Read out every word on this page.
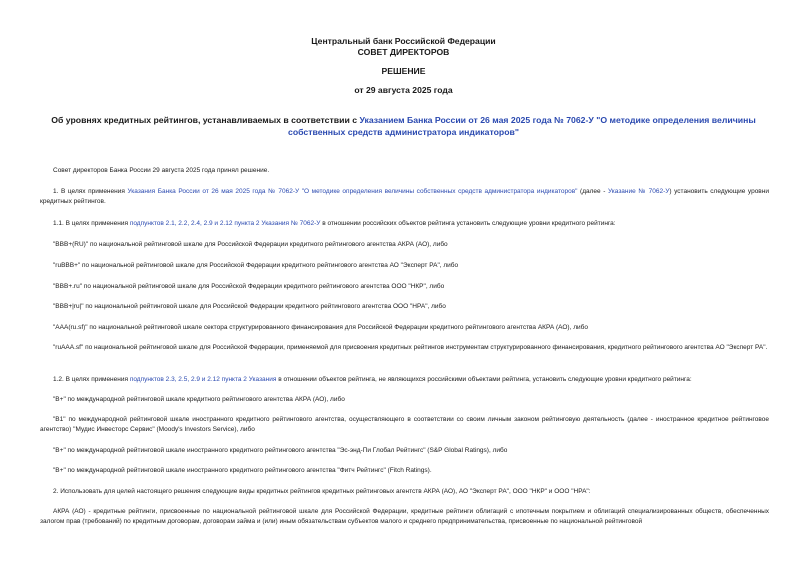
Центральный банк Российской Федерации
СОВЕТ ДИРЕКТОРОВ
РЕШЕНИЕ
от 29 августа 2025 года
Об уровнях кредитных рейтингов, устанавливаемых в соответствии с Указанием Банка России от 26 мая 2025 года № 7062-У "О методике определения величины собственных средств администратора индикаторов"
Совет директоров Банка России 29 августа 2025 года принял решение.
1. В целях применения Указания Банка России от 26 мая 2025 года № 7062-У "О методике определения величины собственных средств администратора индикаторов" (далее - Указание № 7062-У) установить следующие уровни кредитных рейтингов.
1.1. В целях применения подпунктов 2.1, 2.2, 2.4, 2.9 и 2.12 пункта 2 Указания № 7062-У в отношении российских объектов рейтинга установить следующие уровни кредитного рейтинга:
"BBB+(RU)" по национальной рейтинговой шкале для Российской Федерации кредитного рейтингового агентства АКРА (АО), либо
"ruBBB+" по национальной рейтинговой шкале для Российской Федерации кредитного рейтингового агентства АО "Эксперт РА", либо
"BBB+.ru" по национальной рейтинговой шкале для Российской Федерации кредитного рейтингового агентства ООО "НКР", либо
"BBB+|ru|" по национальной рейтинговой шкале для Российской Федерации кредитного рейтингового агентства ООО "НРА", либо
"AAA(ru.sf)" по национальной рейтинговой шкале сектора структурированного финансирования для Российской Федерации кредитного рейтингового агентства АКРА (АО), либо
"ruAAA.sf" по национальной рейтинговой шкале для Российской Федерации, применяемой для присвоения кредитных рейтингов инструментам структурированного финансирования, кредитного рейтингового агентства АО "Эксперт РА".
1.2. В целях применения подпунктов 2.3, 2.5, 2.9 и 2.12 пункта 2 Указания в отношении объектов рейтинга, не являющихся российскими объектами рейтинга, установить следующие уровни кредитного рейтинга:
"B+" по международной рейтинговой шкале кредитного рейтингового агентства АКРА (АО), либо
"B1" по международной рейтинговой шкале иностранного кредитного рейтингового агентства, осуществляющего в соответствии со своим личным законом рейтинговую деятельность (далее - иностранное кредитное рейтинговое агентство) "Мудис Инвесторс Сервис" (Moody's Investors Service), либо
"B+" по международной рейтинговой шкале иностранного кредитного рейтингового агентства "Эс-энд-Пи Глобал Рейтингс" (S&P Global Ratings), либо
"B+" по международной рейтинговой шкале иностранного кредитного рейтингового агентства "Фитч Рейтингс" (Fitch Ratings).
2. Использовать для целей настоящего решения следующие виды кредитных рейтингов кредитных рейтинговых агентств АКРА (АО), АО "Эксперт РА", ООО "НКР" и ООО "НРА":
АКРА (АО) - кредитные рейтинги, присвоенные по национальной рейтинговой шкале для Российской Федерации, кредитные рейтинги облигаций с ипотечным покрытием и облигаций специализированных обществ, обеспеченных залогом прав (требований) по кредитным договорам, договорам займа и (или) иным обязательствам субъектов малого и среднего предпринимательства, присвоенные по национальной рейтинговой
